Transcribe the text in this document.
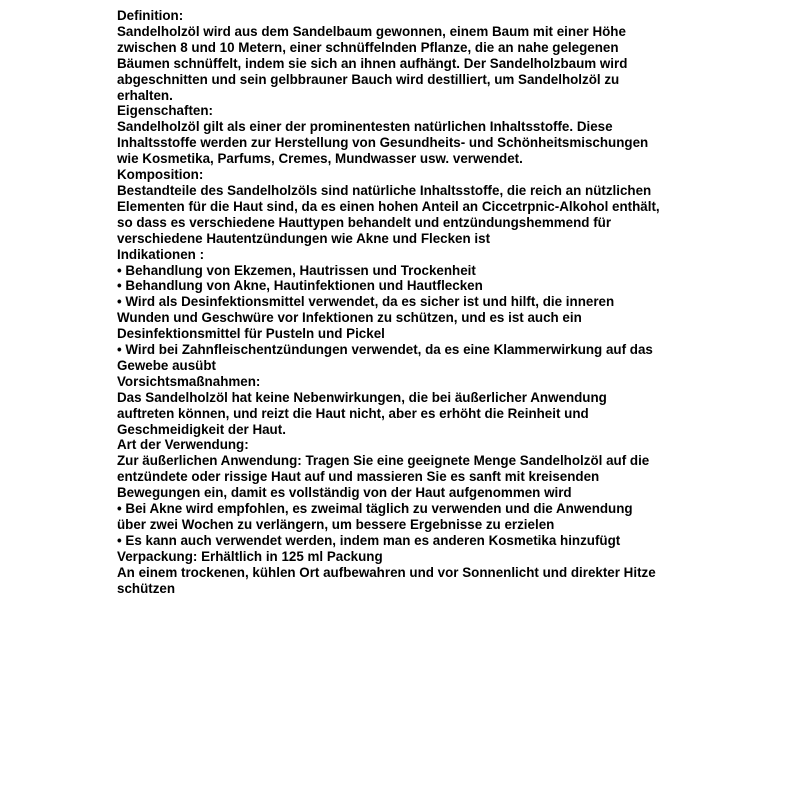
Definition:

Sandelholzöl wird aus dem Sandelbaum gewonnen, einem Baum mit einer Höhe zwischen 8 und 10 Metern, einer schnüffelnden Pflanze, die an nahe gelegenen Bäumen schnüffelt, indem sie sich an ihnen aufhängt. Der Sandelholzbaum wird abgeschnitten und sein gelbbrauner Bauch wird destilliert, um Sandelholzöl zu erhalten.

Eigenschaften:

Sandelholzöl gilt als einer der prominentesten natürlichen Inhaltsstoffe. Diese Inhaltsstoffe werden zur Herstellung von Gesundheits- und Schönheitsmischungen wie Kosmetika, Parfums, Cremes, Mundwasser usw. verwendet.

Komposition:

Bestandteile des Sandelholzöls sind natürliche Inhaltsstoffe, die reich an nützlichen Elementen für die Haut sind, da es einen hohen Anteil an Ciccetrpnic-Alkohol enthält, so dass es verschiedene Hauttypen behandelt und entzündungshemmend für verschiedene Hautentzündungen wie Akne und Flecken ist

Indikationen :

• Behandlung von Ekzemen, Hautrissen und Trockenheit

• Behandlung von Akne, Hautinfektionen und Hautflecken

• Wird als Desinfektionsmittel verwendet, da es sicher ist und hilft, die inneren Wunden und Geschwüre vor Infektionen zu schützen, und es ist auch ein Desinfektionsmittel für Pusteln und Pickel

• Wird bei Zahnfleischentzündungen verwendet, da es eine Klammerwirkung auf das Gewebe ausübt

Vorsichtsmaßnahmen:

Das Sandelholzöl hat keine Nebenwirkungen, die bei äußerlicher Anwendung auftreten können, und reizt die Haut nicht, aber es erhöht die Reinheit und Geschmeidigkeit der Haut.

Art der Verwendung:

Zur äußerlichen Anwendung: Tragen Sie eine geeignete Menge Sandelholzöl auf die entzündete oder rissige Haut auf und massieren Sie es sanft mit kreisenden Bewegungen ein, damit es vollständig von der Haut aufgenommen wird

• Bei Akne wird empfohlen, es zweimal täglich zu verwenden und die Anwendung über zwei Wochen zu verlängern, um bessere Ergebnisse zu erzielen

• Es kann auch verwendet werden, indem man es anderen Kosmetika hinzufügt

Verpackung: Erhältlich in 125 ml Packung

An einem trockenen, kühlen Ort aufbewahren und vor Sonnenlicht und direkter Hitze schützen
